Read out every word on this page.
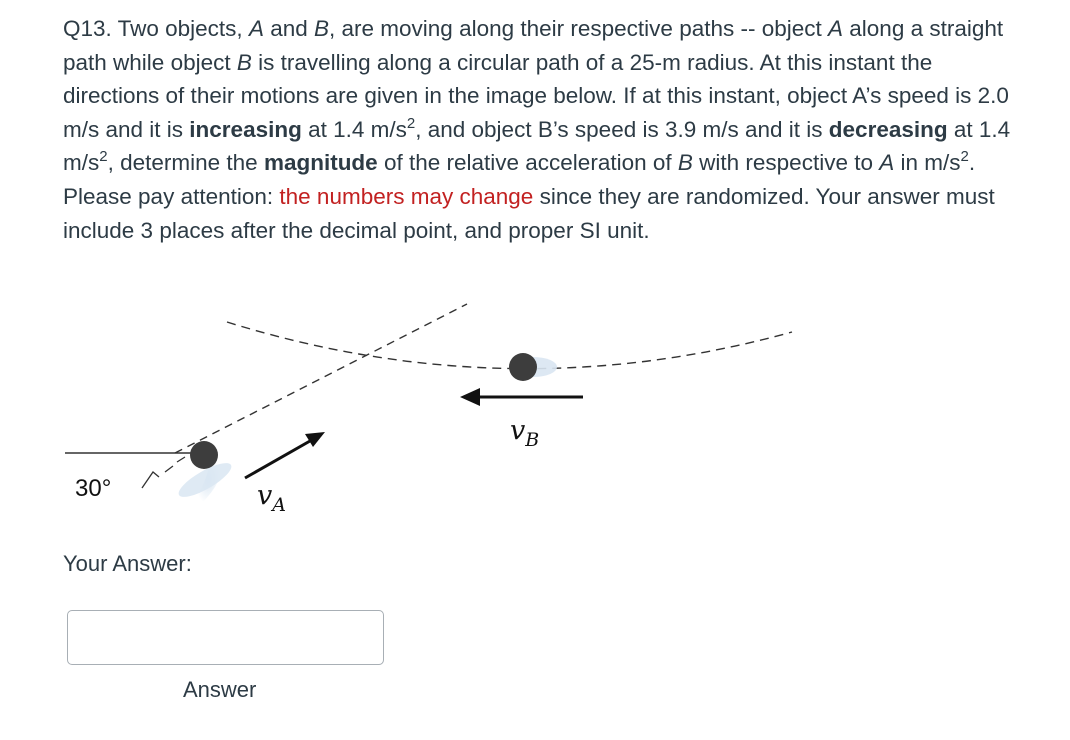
Q13. Two objects, A and B, are moving along their respective paths -- object A along a straight path while object B is travelling along a circular path of a 25-m radius. At this instant the directions of their motions are given in the image below. If at this instant, object A’s speed is 2.0 m/s and it is increasing at 1.4 $m/s^2$, and object B’s speed is 3.9 m/s and it is decreasing at 1.4 $m/s^2$, determine the magnitude of the relative acceleration of B with respective to A in $m/s^2$. Please pay attention: the numbers may change since they are randomized. Your answer must include 3 places after the decimal point, and proper SI unit.
30°	$v_A$
$v_B$
Your Answer:
Answer
